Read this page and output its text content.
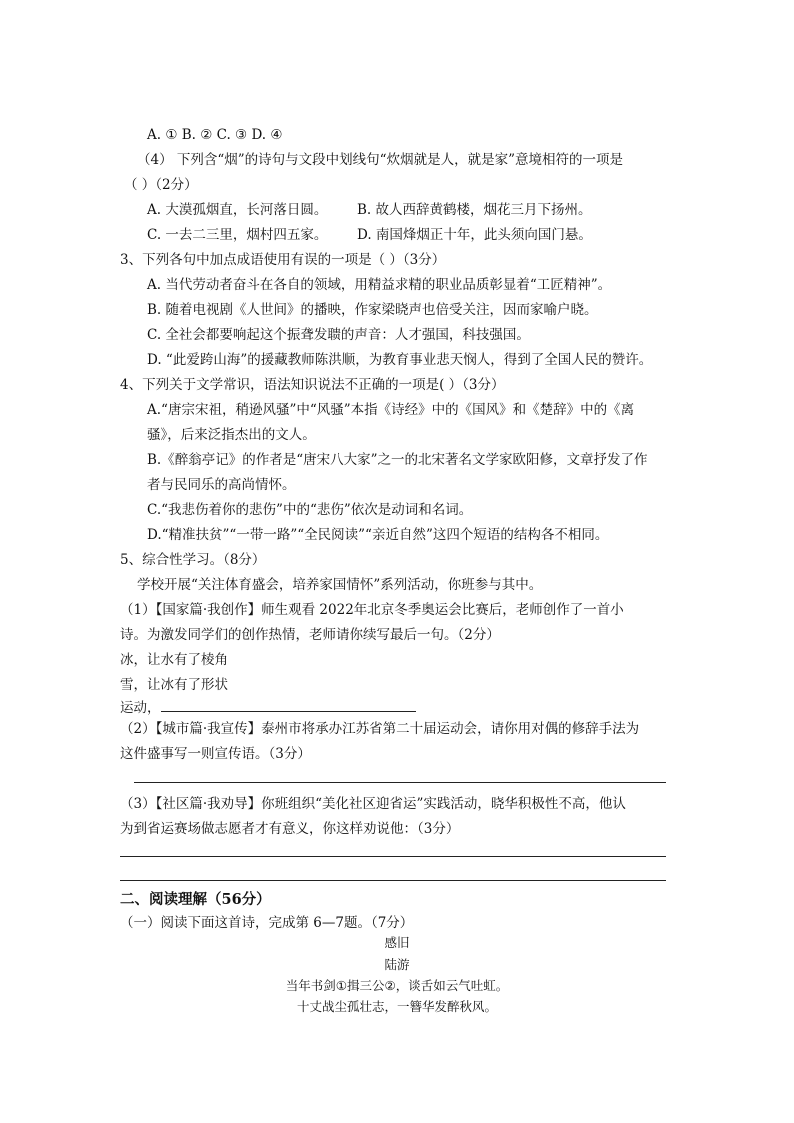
A. ① B. ② C. ③ D. ④
（4） 下列含“烟”的诗句与文段中划线句“炊烟就是人，就是家”意境相符的一项是
（ ）（2分）
A. 大漠孤烟直，长河落日圆。 B. 故人西辞黄鹤楼，烟花三月下扬州。
C. 一去二三里，烟村四五家。 D. 南国烽烟正十年，此头须向国门悬。
3、下列各句中加点成语使用有误的一项是（ ）（3分）
A. 当代劳动者奋斗在各自的领域，用精益求精的职业品质彰显着“工匠精神”。
B. 随着电视剧《人世间》的播映，作家梁晓声也倍受关注，因而家喻户晓。
C. 全社会都要响起这个振聋发聩的声音：人才强国，科技强国。
D. “此爱跨山海”的援藏教师陈洪顺，为教育事业悲天悯人，得到了全国人民的赞许。
4、下列关于文学常识，语法知识说法不正确的一项是( ）（3分）
A.“唐宗宋祖，稍逊风骚”中“风骚”本指《诗经》中的《国风》和《楚辞》中的《离
骚》，后来泛指杰出的文人。
B.《醉翁亭记》的作者是“唐宋八大家”之一的北宋著名文学家欧阳修，文章抒发了作
者与民同乐的高尚情怀。
C.“我悲伤着你的悲伤”中的“悲伤”依次是动词和名词。
D.“精准扶贫”“一带一路”“全民阅读”“亲近自然”这四个短语的结构各不相同。
5、综合性学习。（8分）
学校开展“关注体育盛会，培养家国情怀”系列活动，你班参与其中。
（1）【国家篇·我创作】师生观看 2022年北京冬季奥运会比赛后，老师创作了一首小
诗。为激发同学们的创作热情，老师请你续写最后一句。（2分）
冰，让水有了棱角
雪，让冰有了形状
运动，
（2）【城市篇·我宣传】泰州市将承办江苏省第二十届运动会，请你用对偶的修辞手法为
这件盛事写一则宣传语。（3分）
（3）【社区篇·我劝导】你班组织“美化社区迎省运”实践活动，晓华积极性不高，他认
为到省运赛场做志愿者才有意义，你这样劝说他：（3分）
二、阅读理解（56分）
（一）阅读下面这首诗，完成第 6—7题。（7分）
感旧
陆游
当年书剑①揖三公②，谈舌如云气吐虹。
十丈战尘孤壮志，一簪华发醉秋风。
